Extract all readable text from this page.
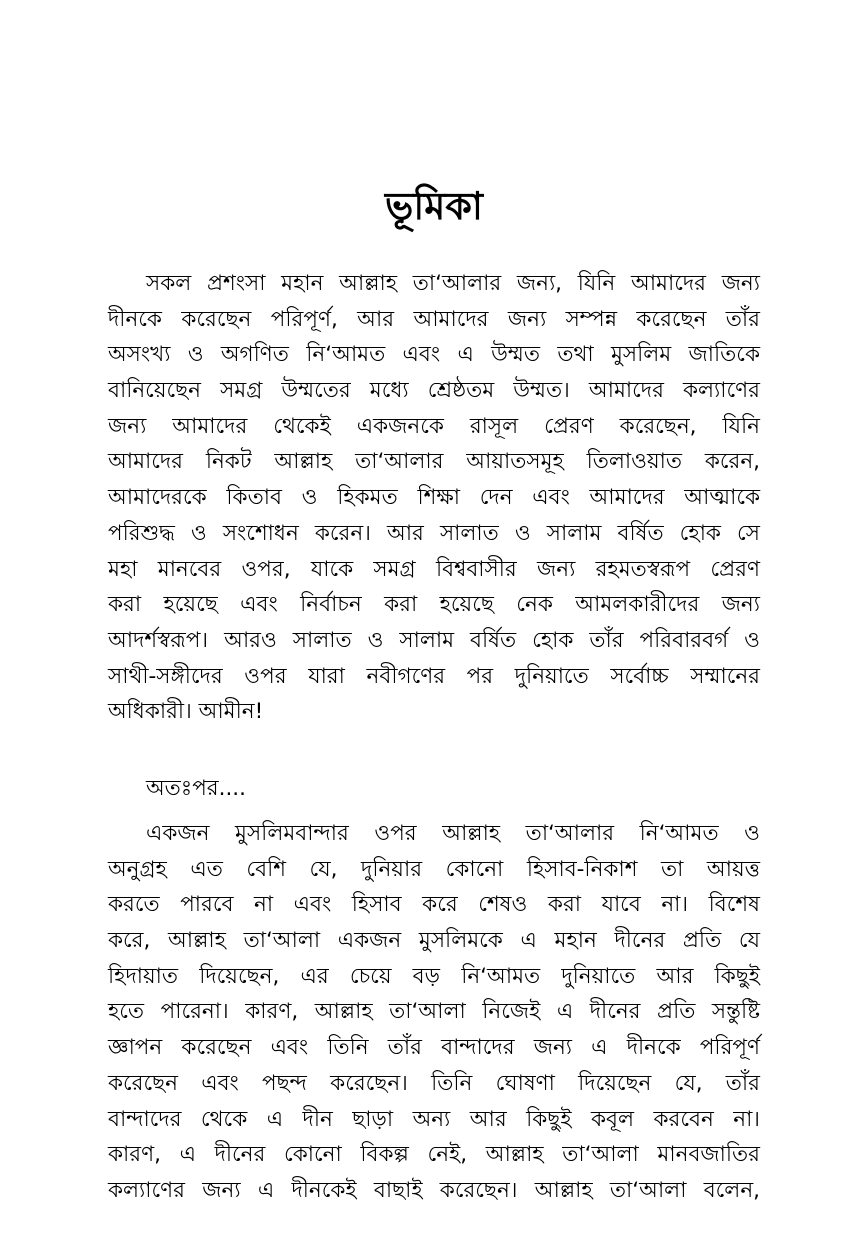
ভূমিকা
সকল প্রশংসা মহান আল্লাহ তা‘আলার জন্য, যিনি আমাদের জন্য
দীনকে করেছেন পরিপূর্ণ, আর আমাদের জন্য সম্পন্ন করেছেন তাঁর
অসংখ্য ও অগণিত নি‘আমত এবং এ উম্মত তথা মুসলিম জাতিকে
বানিয়েছেন সমগ্র উম্মতের মধ্যে শ্রেষ্ঠতম উম্মত। আমাদের কল্যাণের
জন্য আমাদের থেকেই একজনকে রাসূল প্রেরণ করেছেন, যিনি
আমাদের নিকট আল্লাহ তা‘আলার আয়াতসমূহ তিলাওয়াত করেন,
আমাদেরকে কিতাব ও হিকমত শিক্ষা দেন এবং আমাদের আত্মাকে
পরিশুদ্ধ ও সংশোধন করেন। আর সালাত ও সালাম বর্ষিত হোক সে
মহা মানবের ওপর, যাকে সমগ্র বিশ্ববাসীর জন্য রহমতস্বরূপ প্রেরণ
করা হয়েছে এবং নির্বাচন করা হয়েছে নেক আমলকারীদের জন্য
আদর্শস্বরূপ। আরও সালাত ও সালাম বর্ষিত হোক তাঁর পরিবারবর্গ ও
সাথী-সঙ্গীদের ওপর যারা নবীগণের পর দুনিয়াতে সর্বোচ্চ সম্মানের
অধিকারী। আমীন!
অতঃপর....
একজন মুসলিমবান্দার ওপর আল্লাহ তা‘আলার নি‘আমত ও
অনুগ্রহ এত বেশি যে, দুনিয়ার কোনো হিসাব-নিকাশ তা আয়ত্ত
করতে পারবে না এবং হিসাব করে শেষও করা যাবে না। বিশেষ
করে, আল্লাহ তা‘আলা একজন মুসলিমকে এ মহান দীনের প্রতি যে
হিদায়াত দিয়েছেন, এর চেয়ে বড় নি‘আমত দুনিয়াতে আর কিছুই
হতে পারেনা। কারণ, আল্লাহ তা‘আলা নিজেই এ দীনের প্রতি সন্তুষ্টি
জ্ঞাপন করেছেন এবং তিনি তাঁর বান্দাদের জন্য এ দীনকে পরিপূর্ণ
করেছেন এবং পছন্দ করেছেন। তিনি ঘোষণা দিয়েছেন যে, তাঁর
বান্দাদের থেকে এ দীন ছাড়া অন্য আর কিছুই কবূল করবেন না।
কারণ, এ দীনের কোনো বিকল্প নেই, আল্লাহ তা‘আলা মানবজাতির
কল্যাণের জন্য এ দীনকেই বাছাই করেছেন। আল্লাহ তা‘আলা বলেন,
